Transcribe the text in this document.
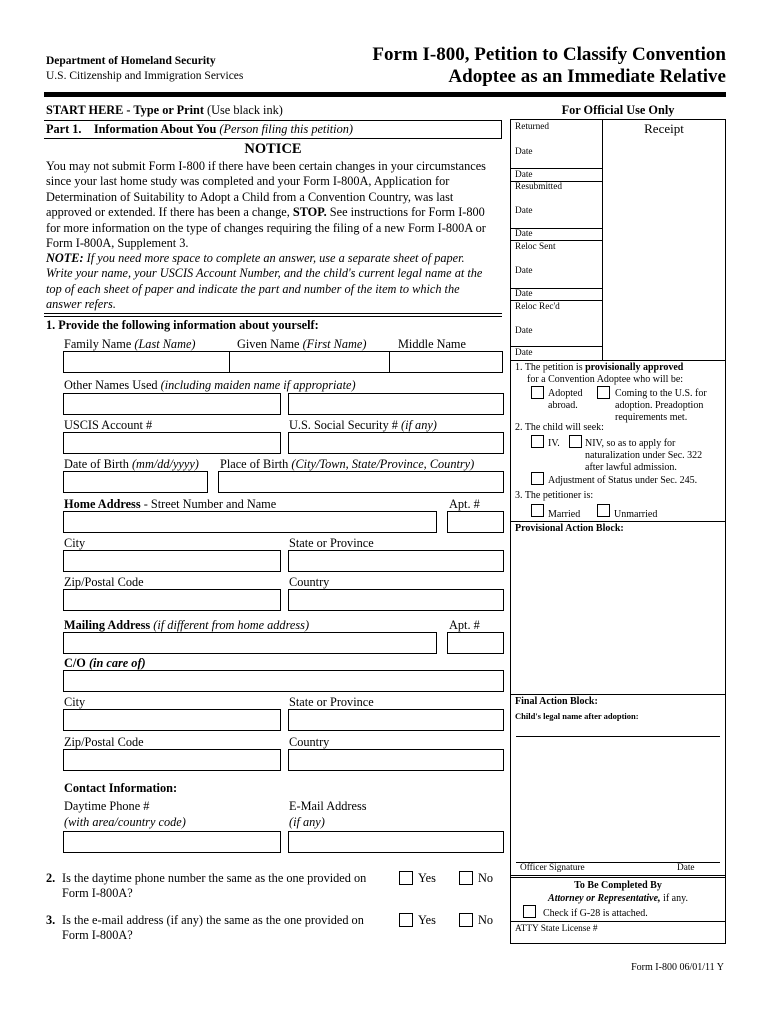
Department of Homeland Security
U.S. Citizenship and Immigration Services
Form I-800, Petition to Classify Convention
Adoptee as an Immediate Relative
START HERE - Type or Print (Use black ink)
Part 1. Information About You (Person filing this petition)
NOTICE
You may not submit Form I-800 if there have been certain changes in your circumstances
since your last home study was completed and your Form I-800A, Application for
Determination of Suitability to Adopt a Child from a Convention Country, was last
approved or extended. If there has been a change, STOP. See instructions for Form I-800
for more information on the type of changes requiring the filing of a new Form I-800A or
Form I-800A, Supplement 3.
NOTE: If you need more space to complete an answer, use a separate sheet of paper.
Write your name, your USCIS Account Number, and the child's current legal name at the
top of each sheet of paper and indicate the part and number of the item to which the
answer refers.
1. Provide the following information about yourself:
Family Name (Last Name)	Given Name (First Name)	Middle Name
Other Names Used (including maiden name if appropriate)
USCIS Account #	U.S. Social Security # (if any)
Date of Birth (mm/dd/yyyy) Place of Birth (City/Town, State/Province, Country)
Home Address - Street Number and Name	Apt. #
City	State or Province
Zip/Postal Code	Country
Mailing Address (if different from home address)	Apt. #
C/O (in care of)
City	State or Province
Zip/Postal Code	Country
Contact Information:
Daytime Phone #
(with area/country code)
E-Mail Address
(if any)
2. Is the daytime phone number the same as the one provided on
Form I-800A?
Yes	No
3. Is the e-mail address (if any) the same as the one provided on
Form I-800A?
Yes	No
For Official Use Only
Returned	Receipt
Date
Date
Resubmitted
Date
Date
Reloc Sent
Date
Date
Reloc Rec'd
Date
Date
1. The petition is provisionally approved
for a Convention Adoptee who will be:
Adopted
abroad.
Coming to the U.S. for
adoption. Preadoption
requirements met.
2. The child will seek:
IV.	NIV, so as to apply for
naturalization under Sec. 322
after lawful admission.
Adjustment of Status under Sec. 245.
3. The petitioner is:
Married	Unmarried
Provisional Action Block:
Final Action Block:
Child's legal name after adoption:
Officer Signature	Date
To Be Completed By
Attorney or Representative, if any.
Check if G-28 is attached.
ATTY State License #
Form I-800 06/01/11 Y
